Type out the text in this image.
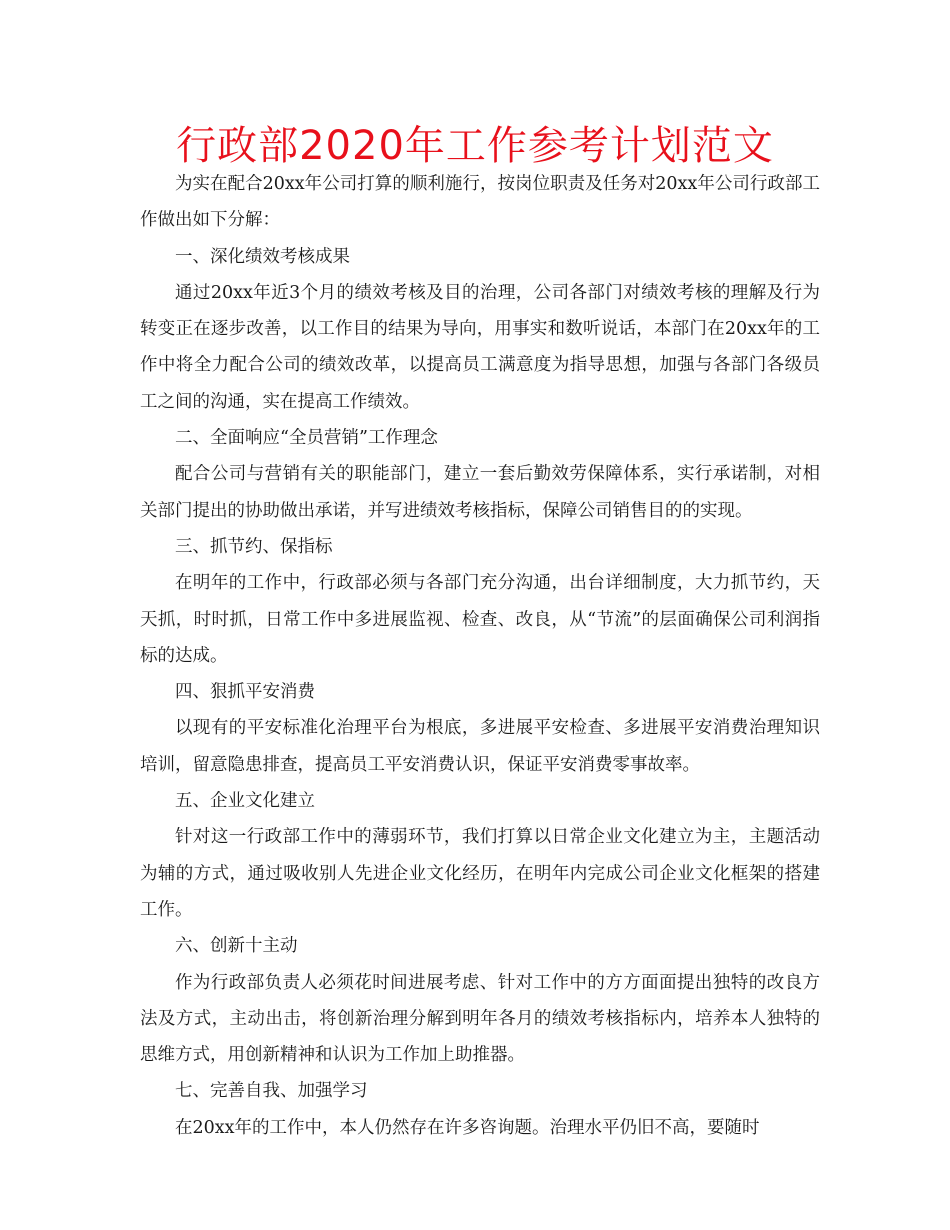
行政部2020年工作参考计划范文

为实在配合20xx年公司打算的顺利施行，按岗位职责及任务对20xx年公司行政部工作做出如下分解：

一、深化绩效考核成果

通过20xx年近3个月的绩效考核及目的治理，公司各部门对绩效考核的理解及行为转变正在逐步改善，以工作目的结果为导向，用事实和数听说话，本部门在20xx年的工作中将全力配合公司的绩效改革，以提高员工满意度为指导思想，加强与各部门各级员工之间的沟通，实在提高工作绩效。

二、全面响应“全员营销”工作理念

配合公司与营销有关的职能部门，建立一套后勤效劳保障体系，实行承诺制，对相关部门提出的协助做出承诺，并写进绩效考核指标，保障公司销售目的的实现。

三、抓节约、保指标

在明年的工作中，行政部必须与各部门充分沟通，出台详细制度，大力抓节约，天天抓，时时抓，日常工作中多进展监视、检查、改良，从“节流”的层面确保公司利润指标的达成。

四、狠抓平安消费

以现有的平安标准化治理平台为根底，多进展平安检查、多进展平安消费治理知识培训，留意隐患排查，提高员工平安消费认识，保证平安消费零事故率。

五、企业文化建立

针对这一行政部工作中的薄弱环节，我们打算以日常企业文化建立为主，主题活动为辅的方式，通过吸收别人先进企业文化经历，在明年内完成公司企业文化框架的搭建工作。

六、创新十主动

作为行政部负责人必须花时间进展考虑、针对工作中的方方面面提出独特的改良方法及方式，主动出击，将创新治理分解到明年各月的绩效考核指标内，培养本人独特的思维方式，用创新精神和认识为工作加上助推器。

七、完善自我、加强学习

在20xx年的工作中，本人仍然存在许多咨询题。治理水平仍旧不高，要随时
